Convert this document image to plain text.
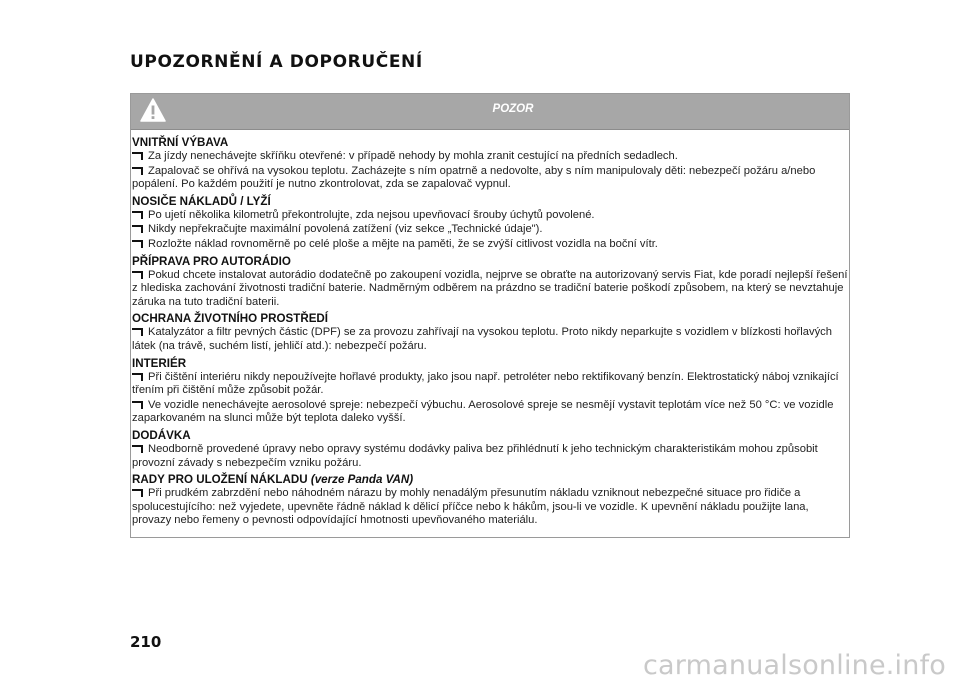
UPOZORNĚNÍ A DOPORUČENÍ
POZOR
VNITŘNÍ VÝBAVA
Za jízdy nenechávejte skříňku otevřené: v případě nehody by mohla zranit cestující na předních sedadlech.
Zapalovač se ohřívá na vysokou teplotu. Zacházejte s ním opatrně a nedovolte, aby s ním manipulovaly děti: nebezpečí požáru a/nebo popálení. Po každém použití je nutno zkontrolovat, zda se zapalovač vypnul.
NOSIČE NÁKLADŮ / LYŽÍ
Po ujetí několika kilometrů překontrolujte, zda nejsou upevňovací šrouby úchytů povolené.
Nikdy nepřekračujte maximální povolená zatížení (viz sekce „Technické údaje").
Rozložte náklad rovnoměrně po celé ploše a mějte na paměti, že se zvýší citlivost vozidla na boční vítr.
PŘÍPRAVA PRO AUTORÁDIO
Pokud chcete instalovat autorádio dodatečně po zakoupení vozidla, nejprve se obraťte na autorizovaný servis Fiat, kde poradí nejlepší řešení z hlediska zachování životnosti tradiční baterie. Nadměrným odběrem na prázdno se tradiční baterie poškodí způsobem, na který se nevztahuje záruka na tuto tradiční baterii.
OCHRANA ŽIVOTNÍHO PROSTŘEDÍ
Katalyzátor a filtr pevných částic (DPF) se za provozu zahřívají na vysokou teplotu. Proto nikdy neparkujte s vozidlem v blízkosti hořlavých látek (na trávě, suchém listí, jehličí atd.): nebezpečí požáru.
INTERIÉR
Při čištění interiéru nikdy nepoužívejte hořlavé produkty, jako jsou např. petroléter nebo rektifikovaný benzín. Elektrostatický náboj vznikající třením při čištění může způsobit požár.
Ve vozidle nenechávejte aerosolové spreje: nebezpečí výbuchu. Aerosolové spreje se nesmějí vystavit teplotám více než 50 °C: ve vozidle zaparkovaném na slunci může být teplota daleko vyšší.
DODÁVKA
Neodborně provedené úpravy nebo opravy systému dodávky paliva bez přihlédnutí k jeho technickým charakteristikám mohou způsobit provozní závady s nebezpečím vzniku požáru.
RADY PRO ULOŽENÍ NÁKLADU (verze Panda VAN)
Při prudkém zabrzdění nebo náhodném nárazu by mohly nenadálým přesunutím nákladu vzniknout nebezpečné situace pro řidiče a spolucestujícího: než vyjedete, upevněte řádně náklad k dělicí příčce nebo k hákům, jsou-li ve vozidle. K upevnění nákladu použijte lana, provazy nebo řemeny o pevnosti odpovídající hmotnosti upevňovaného materiálu.
210
carmanualsonline.info
